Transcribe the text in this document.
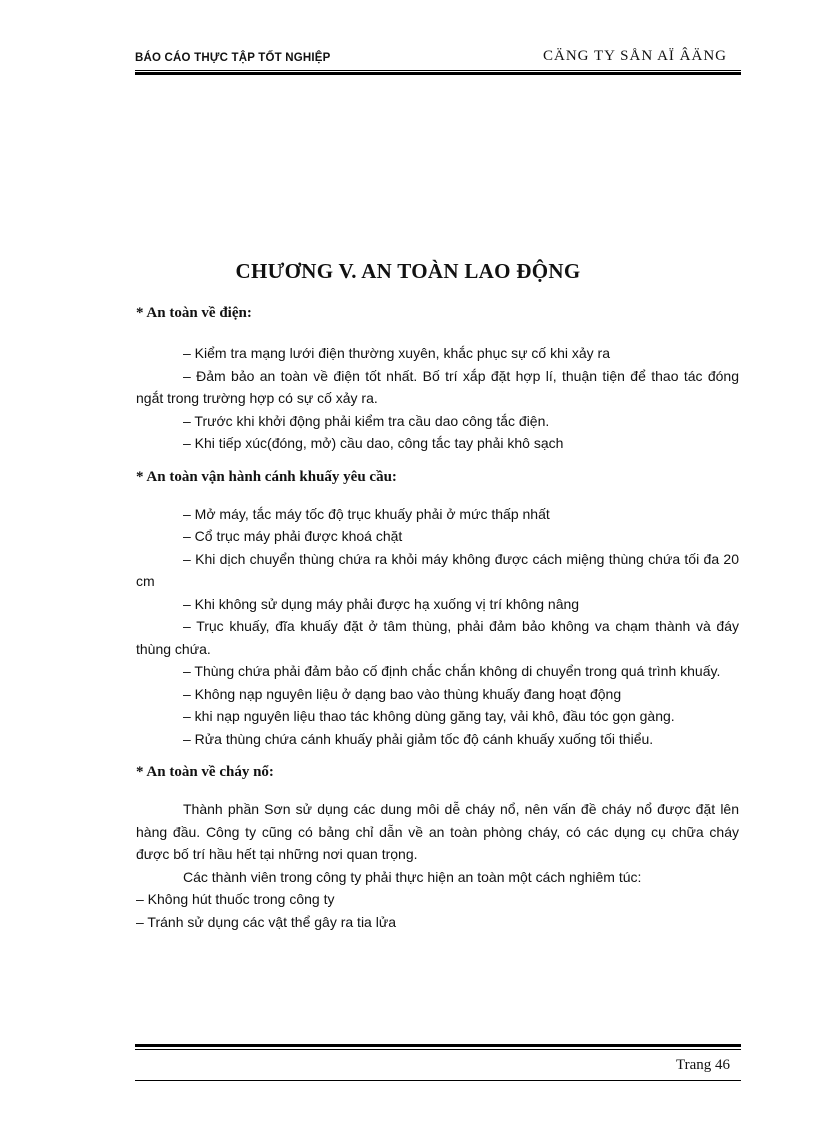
BÁO CÁO THỰC TẬP TỐT NGHIỆP	CÄNG TY SÅN AÏ ÂÄNG
CHƯƠNG V. AN TOÀN LAO ĐỘNG

* An toàn về điện:

– Kiểm tra mạng lưới điện thường xuyên, khắc phục sự cố khi xảy ra

– Đảm bảo an toàn về điện tốt nhất. Bố trí xắp đặt hợp lí, thuận tiện để thao tác đóng ngắt trong trường hợp có sự cố xảy ra.

– Trước khi khởi động phải kiểm tra cầu dao công tắc điện.

– Khi tiếp xúc(đóng, mở) cầu dao, công tắc tay phải khô sạch

* An toàn vận hành cánh khuấy yêu cầu:

– Mở máy, tắc máy tốc độ trục khuấy phải ở mức thấp nhất

– Cổ trục máy phải được khoá chặt

– Khi dịch chuyển thùng chứa ra khỏi máy không được cách miệng thùng chứa tối đa 20 cm

– Khi không sử dụng máy phải được hạ xuống vị trí không nâng

– Trục khuấy, đĩa khuấy đặt ở tâm thùng, phải đảm bảo không va chạm thành và đáy thùng chứa.

– Thùng chứa phải đảm bảo cố định chắc chắn không di chuyển trong quá trình khuấy.

– Không nạp nguyên liệu ở dạng bao vào thùng khuấy đang hoạt động

– khi nạp nguyên liệu thao tác không dùng găng tay, vải khô, đầu tóc gọn gàng.

– Rửa thùng chứa cánh khuấy phải giảm tốc độ cánh khuấy xuống tối thiểu.

* An toàn về cháy nổ:

Thành phần Sơn sử dụng các dung môi dễ cháy nổ, nên vấn đề cháy nổ được đặt lên hàng đầu. Công ty cũng có bảng chỉ dẫn về an toàn phòng cháy, có các dụng cụ chữa cháy được bố trí hầu hết tại những nơi quan trọng.

Các thành viên trong công ty phải thực hiện an toàn một cách nghiêm túc:

– Không hút thuốc trong công ty

– Tránh sử dụng các vật thể gây ra tia lửa

Trang 46
